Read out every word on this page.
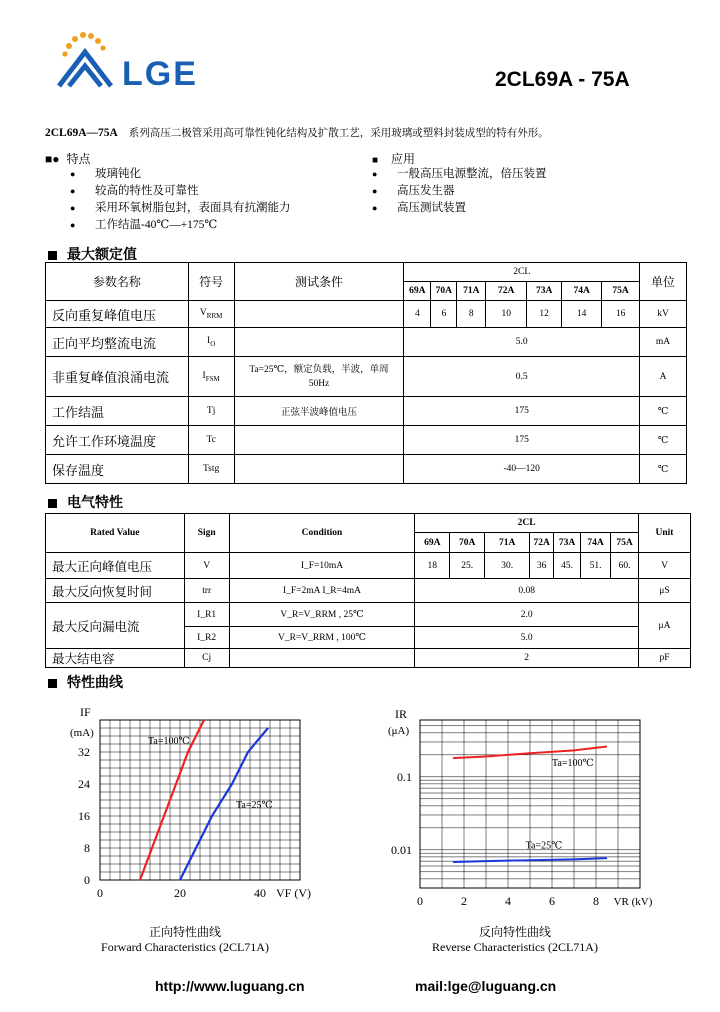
LGE	2CL69A - 75A
2CL69A—75A 系列高压二极管采用高可靠性钝化结构及扩散工艺，采用玻璃或塑料封装成型的特有外形。
■● 特点
● 玻璃钝化
● 较高的特性及可靠性
● 采用环氧树脂包封，表面具有抗潮能力
● 工作结温-40℃—+175℃
■ 应用
● 一般高压电源整流，倍压装置
● 高压发生器
● 高压测试装置
最大额定值
参数名称	符号	测试条件	2CL							单位
			69A	70A	71A	72A	73A	74A	75A	
反向重复峰值电压	$V_{RRM}$		4	6	8	10	12	14	16	kV
正向平均整流电流	$I_O$		5.0							mA
非重复峰值浪涌电流	$I_{FSM}$	Ta=25℃，额定负载，半波，单周 50Hz	0.5							A
工作结温	Tj	正弦半波峰值电压	175							℃
允许工作环境温度	Tc		175							℃
保存温度	Tstg		-40—120							℃
电气特性
Rated Value	Sign	Condition	2CL							Unit
			69A	70A	71A	72A	73A	74A	75A	
最大正向峰值电压	V	I_F=10mA	18	25.	30.	36	45.	51.	60.	V
最大反向恢复时间	trr	I_F=2mA I_R=4mA	0.08							μS
最大反向漏电流	I_R1	V_R=V_RRM , 25℃	2.0							μA
	I_R2	V_R=V_RRM , 100℃	5.0							
最大结电容	Cj		2							pF
特性曲线
0
8
16
24
32
0	20	40
IF
(mA)
VF (V)
Ta=100℃
Ta=25℃
0.1
0.01
0	2	4	6	8
IR
(μA)
VR (kV)
Ta=100℃
Ta=25℃
正向特性曲线
Forward Characteristics (2CL71A)
反向特性曲线
Reverse Characteristics (2CL71A)
http://www.luguang.cn	mail:lge@luguang.cn
